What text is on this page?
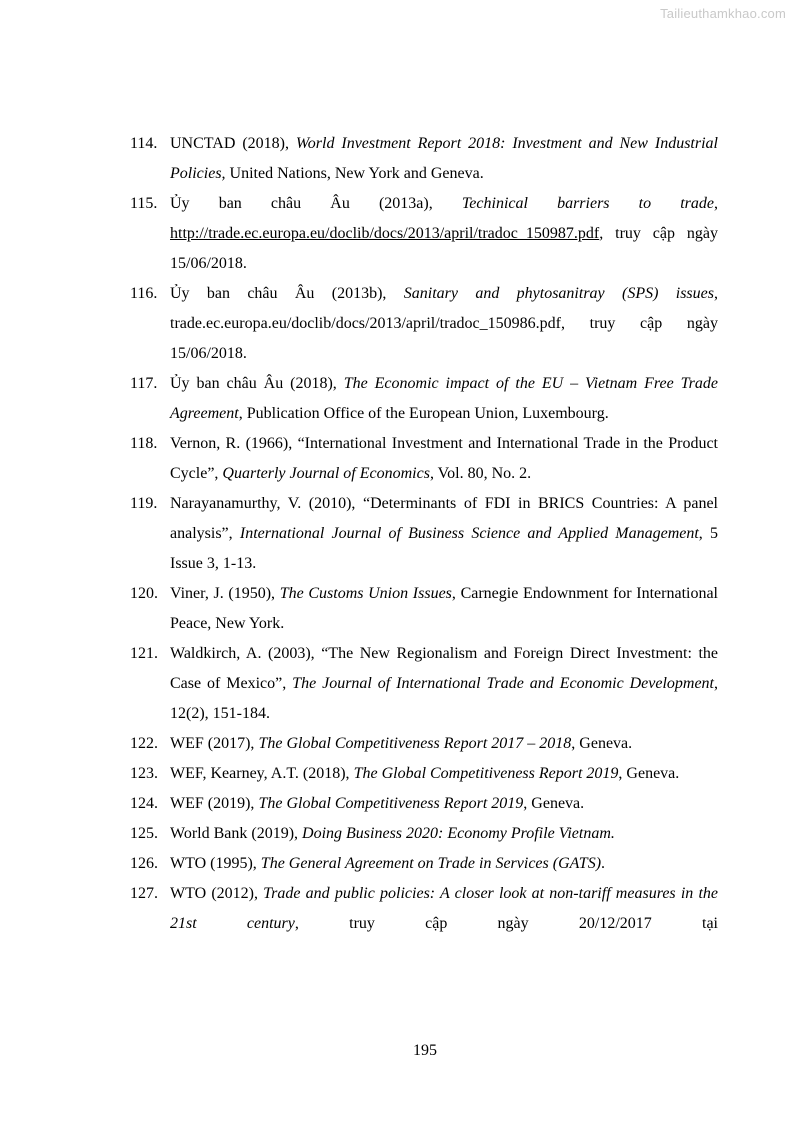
Tailieuthamkhao.com
114. UNCTAD (2018), World Investment Report 2018: Investment and New Industrial Policies, United Nations, New York and Geneva.
115. Ủy ban châu Âu (2013a), Techinical barriers to trade,
http://trade.ec.europa.eu/doclib/docs/2013/april/tradoc_150987.pdf, truy cập ngày 15/06/2018.
116. Ủy ban châu Âu (2013b), Sanitary and phytosanitray (SPS) issues, trade.ec.europa.eu/doclib/docs/2013/april/tradoc_150986.pdf, truy cập ngày 15/06/2018.
117. Ủy ban châu Âu (2018), The Economic impact of the EU – Vietnam Free Trade Agreement, Publication Office of the European Union, Luxembourg.
118. Vernon, R. (1966), “International Investment and International Trade in the Product Cycle”, Quarterly Journal of Economics, Vol. 80, No. 2.
119. Narayanamurthy, V. (2010), “Determinants of FDI in BRICS Countries: A panel analysis”, International Journal of Business Science and Applied Management, 5 Issue 3, 1-13.
120. Viner, J. (1950), The Customs Union Issues, Carnegie Endownment for International Peace, New York.
121. Waldkirch, A. (2003), “The New Regionalism and Foreign Direct Investment: the Case of Mexico”, The Journal of International Trade and Economic Development, 12(2), 151-184.
122. WEF (2017), The Global Competitiveness Report 2017 – 2018, Geneva.
123. WEF, Kearney, A.T. (2018), The Global Competitiveness Report 2019, Geneva.
124. WEF (2019), The Global Competitiveness Report 2019, Geneva.
125. World Bank (2019), Doing Business 2020: Economy Profile Vietnam.
126. WTO (1995), The General Agreement on Trade in Services (GATS).
127. WTO (2012), Trade and public policies: A closer look at non-tariff measures in the 21st century, truy cập ngày 20/12/2017 tại
195
